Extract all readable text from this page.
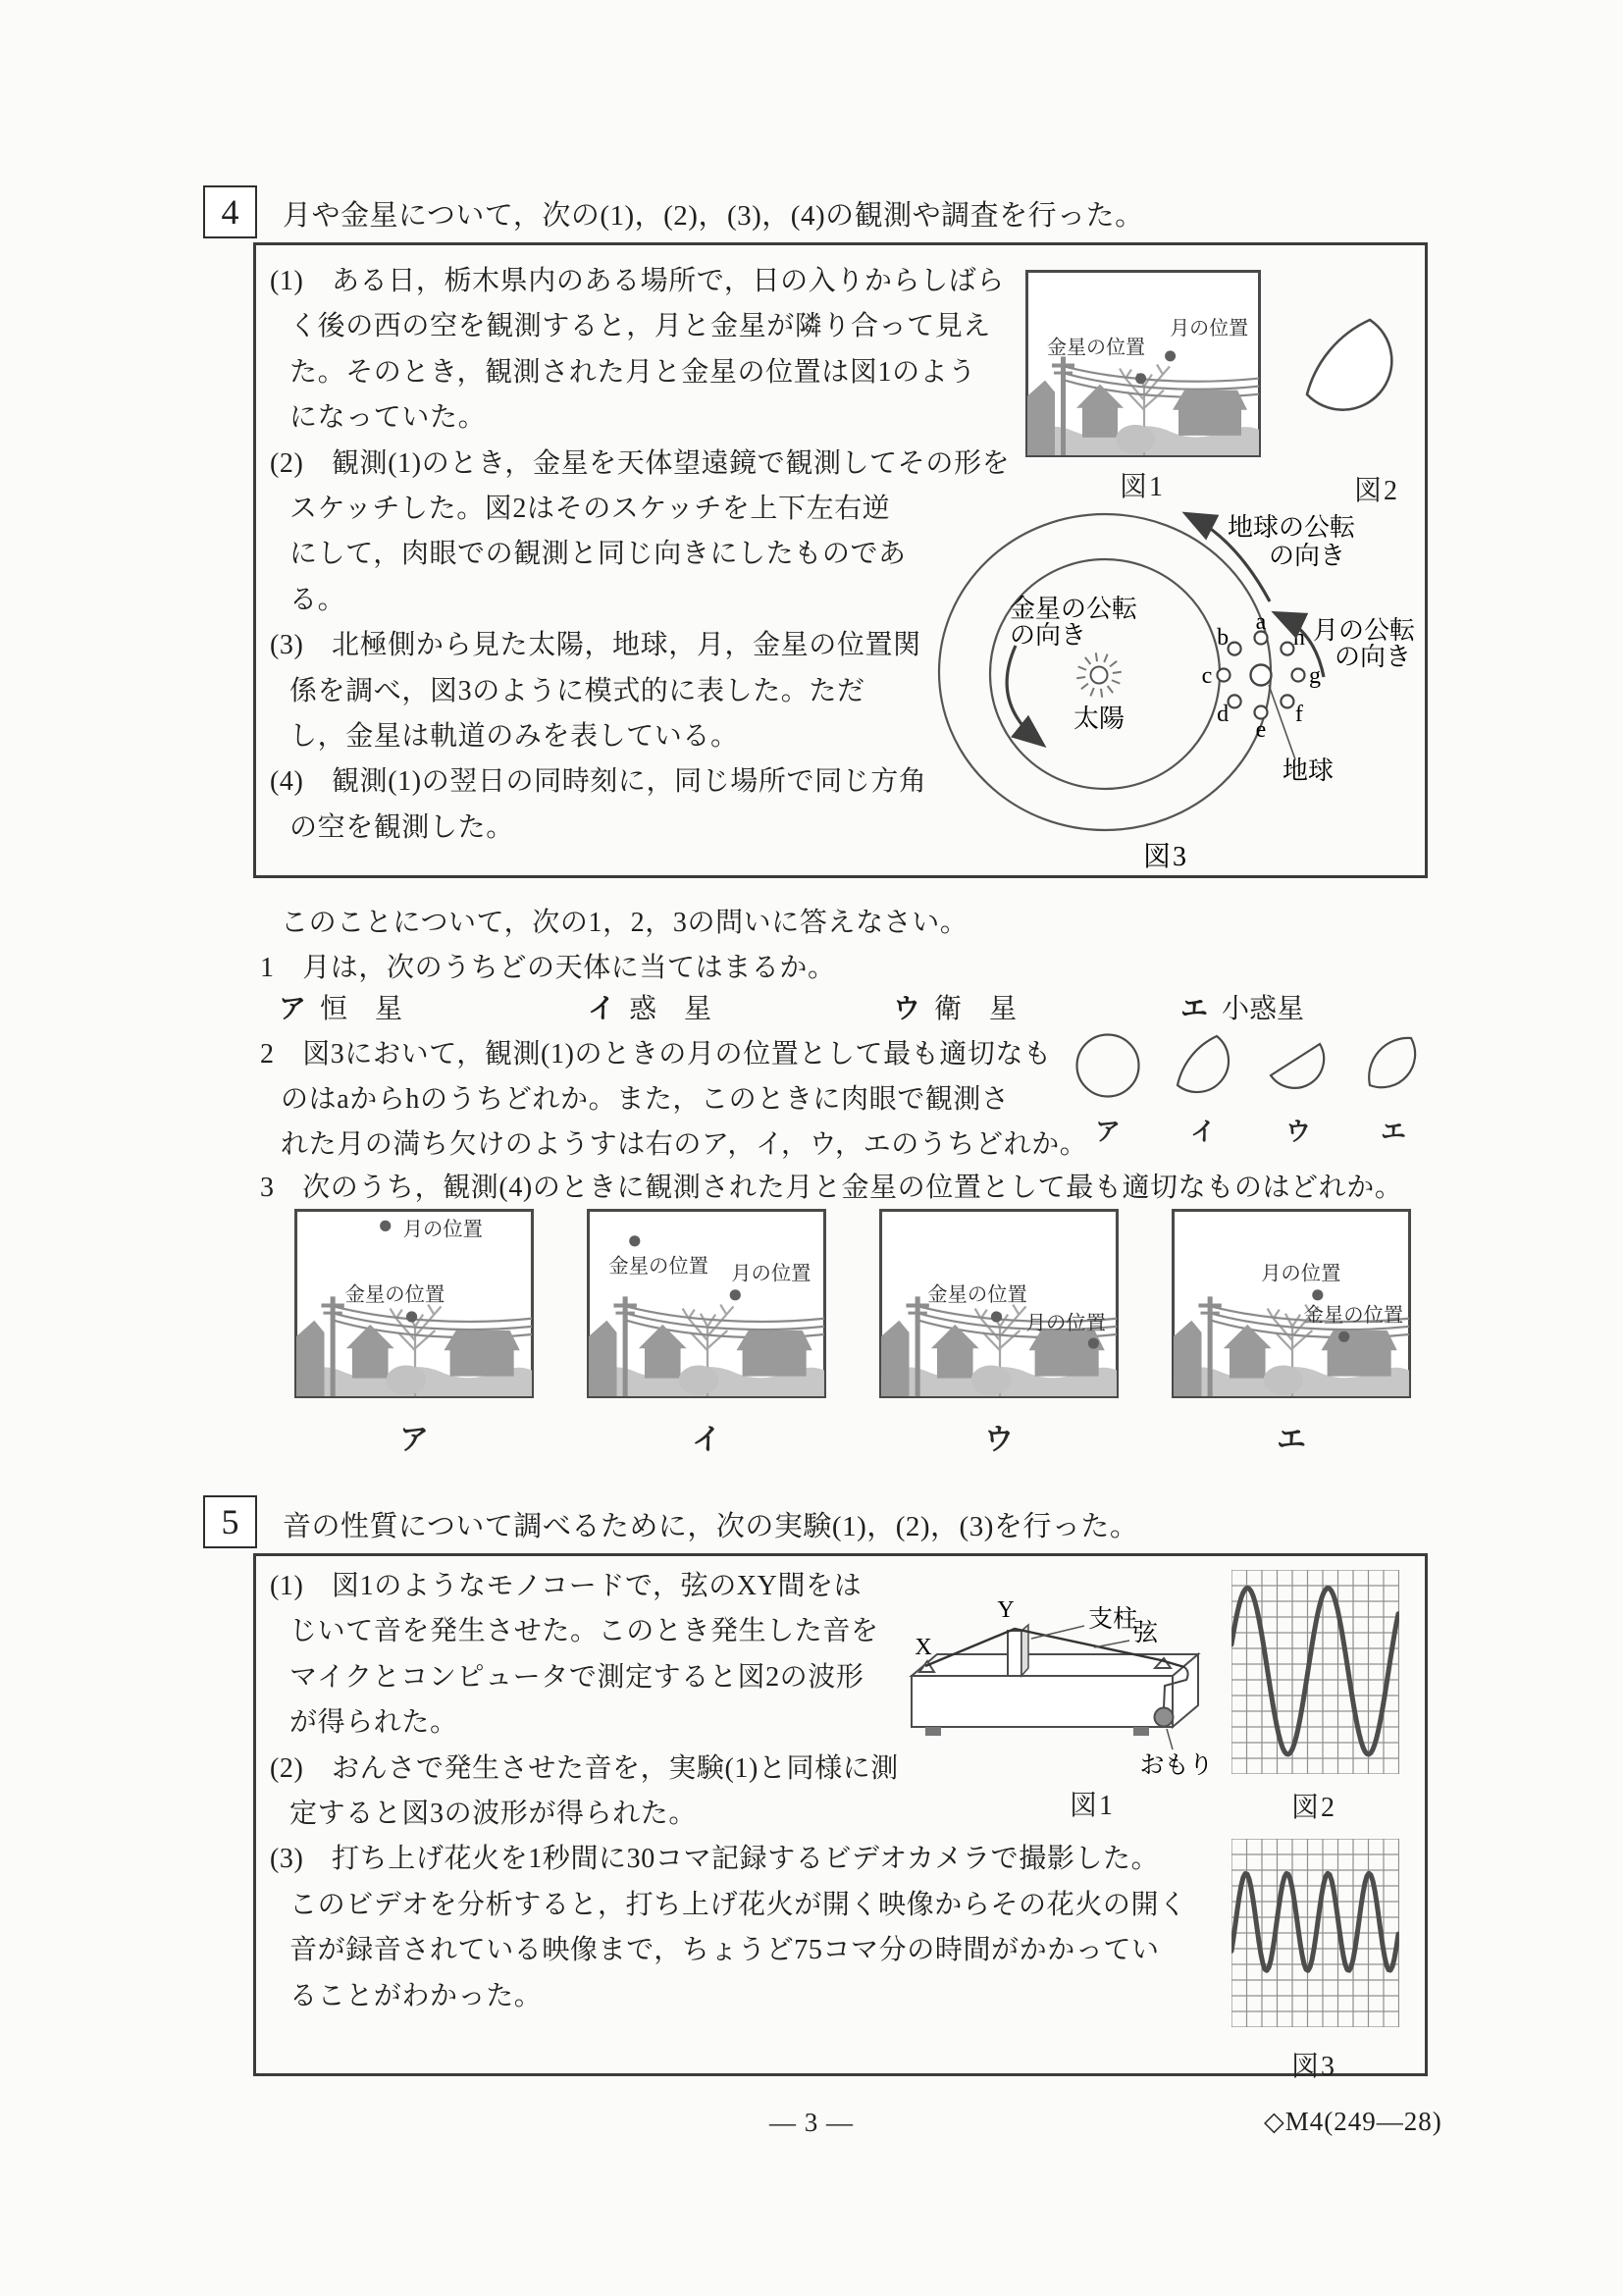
4 月や金星について，次の(1)，(2)，(3)，(4)の観測や調査を行った。
(1)　ある日，栃木県内のある場所で，日の入りからしばら
く後の西の空を観測すると，月と金星が隣り合って見え
た。そのとき，観測された月と金星の位置は図1のよう
になっていた。
(2)　観測(1)のとき，金星を天体望遠鏡で観測してその形を
スケッチした。図2はそのスケッチを上下左右逆
にして，肉眼での観測と同じ向きにしたものであ
る。
(3)　北極側から見た太陽，地球，月，金星の位置関
係を調べ，図3のように模式的に表した。ただ
し，金星は軌道のみを表している。
(4)　観測(1)の翌日の同時刻に，同じ場所で同じ方角
の空を観測した。
金星の位置
月の位置
図1	図2
太陽
a
b
c
d
e
f
g
h
地球
地球の公転
の向き
月の公転
の向き
金星の公転
の向き
図3
このことについて，次の1，2，3の問いに答えなさい。
1　月は，次のうちどの天体に当てはまるか。
ア 恒　星	イ 惑　星	ウ 衛　星	エ 小惑星
2　図3において，観測(1)のときの月の位置として最も適切なも
のはaからhのうちどれか。また，このときに肉眼で観測さ
れた月の満ち欠けのようすは右のア，イ，ウ，エのうちどれか。 ア	イ	ウ	エ
3　次のうち，観測(4)のときに観測された月と金星の位置として最も適切なものはどれか。
月の位置
金星の位置
ア
金星の位置 月の位置
イ
金星の位置
月の位置
ウ
月の位置
金星の位置
エ
5 音の性質について調べるために，次の実験(1)，(2)，(3)を行った。
(1)　図1のようなモノコードで，弦のXY間をは
じいて音を発生させた。このとき発生した音を
マイクとコンピュータで測定すると図2の波形
が得られた。
(2)　おんさで発生させた音を，実験(1)と同様に測
定すると図3の波形が得られた。
(3)　打ち上げ花火を1秒間に30コマ記録するビデオカメラで撮影した。
このビデオを分析すると，打ち上げ花火が開く映像からその花火の開く
音が録音されている映像まで，ちょうど75コマ分の時間がかかってい
ることがわかった。
X
Y	支柱
弦
おもり
図1	図2
図3
— 3 —	◇M4(249—28)
